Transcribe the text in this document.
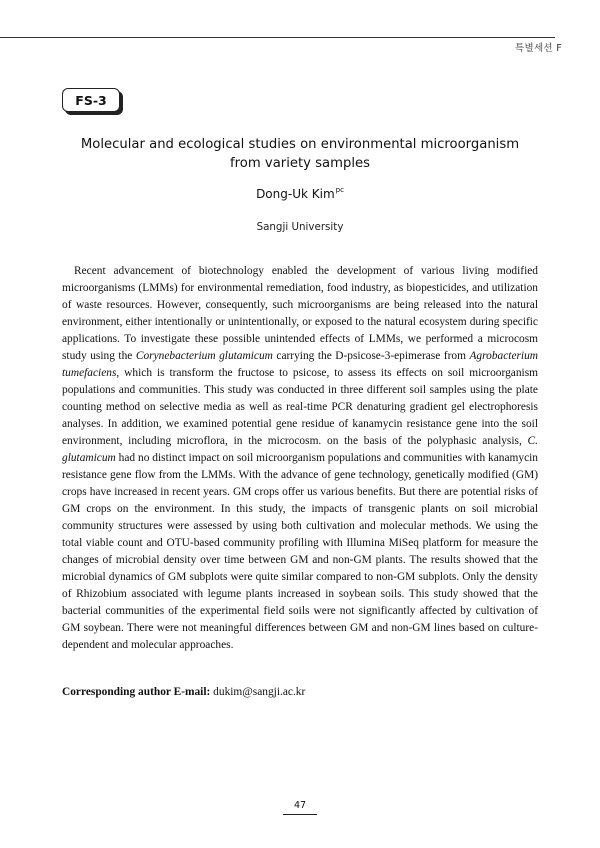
특별세션 F
FS-3
Molecular and ecological studies on environmental microorganism
from variety samples
Dong-Uk Kim$^{pc}$
Sangji University

Recent advancement of biotechnology enabled the development of various living modified microorganisms (LMMs) for environmental remediation, food industry, as biopesticides, and utilization of waste resources. However, consequently, such microorganisms are being released into the natural environment, either intentionally or unintentionally, or exposed to the natural ecosystem during specific applications. To investigate these possible unintended effects of LMMs, we performed a microcosm study using the Corynebacterium glutamicum carrying the D-psicose-3-epimerase from Agrobacterium tumefaciens, which is transform the fructose to psicose, to assess its effects on soil microorganism populations and communities. This study was conducted in three different soil samples using the plate counting method on selective media as well as real-time PCR denaturing gradient gel electrophoresis analyses. In addition, we examined potential gene residue of kanamycin resistance gene into the soil environment, including microflora, in the microcosm. on the basis of the polyphasic analysis, C. glutamicum had no distinct impact on soil microorganism populations and communities with kanamycin resistance gene flow from the LMMs. With the advance of gene technology, genetically modified (GM) crops have increased in recent years. GM crops offer us various benefits. But there are potential risks of GM crops on the environment. In this study, the impacts of transgenic plants on soil microbial community structures were assessed by using both cultivation and molecular methods. We using the total viable count and OTU-based community profiling with Illumina MiSeq platform for measure the changes of microbial density over time between GM and non-GM plants. The results showed that the microbial dynamics of GM subplots were quite similar compared to non-GM subplots. Only the density of Rhizobium associated with legume plants increased in soybean soils. This study showed that the bacterial communities of the experimental field soils were not significantly affected by cultivation of GM soybean. There were not meaningful differences between GM and non-GM lines based on culture-dependent and molecular approaches.

Corresponding author E-mail: dukim@sangji.ac.kr
47
